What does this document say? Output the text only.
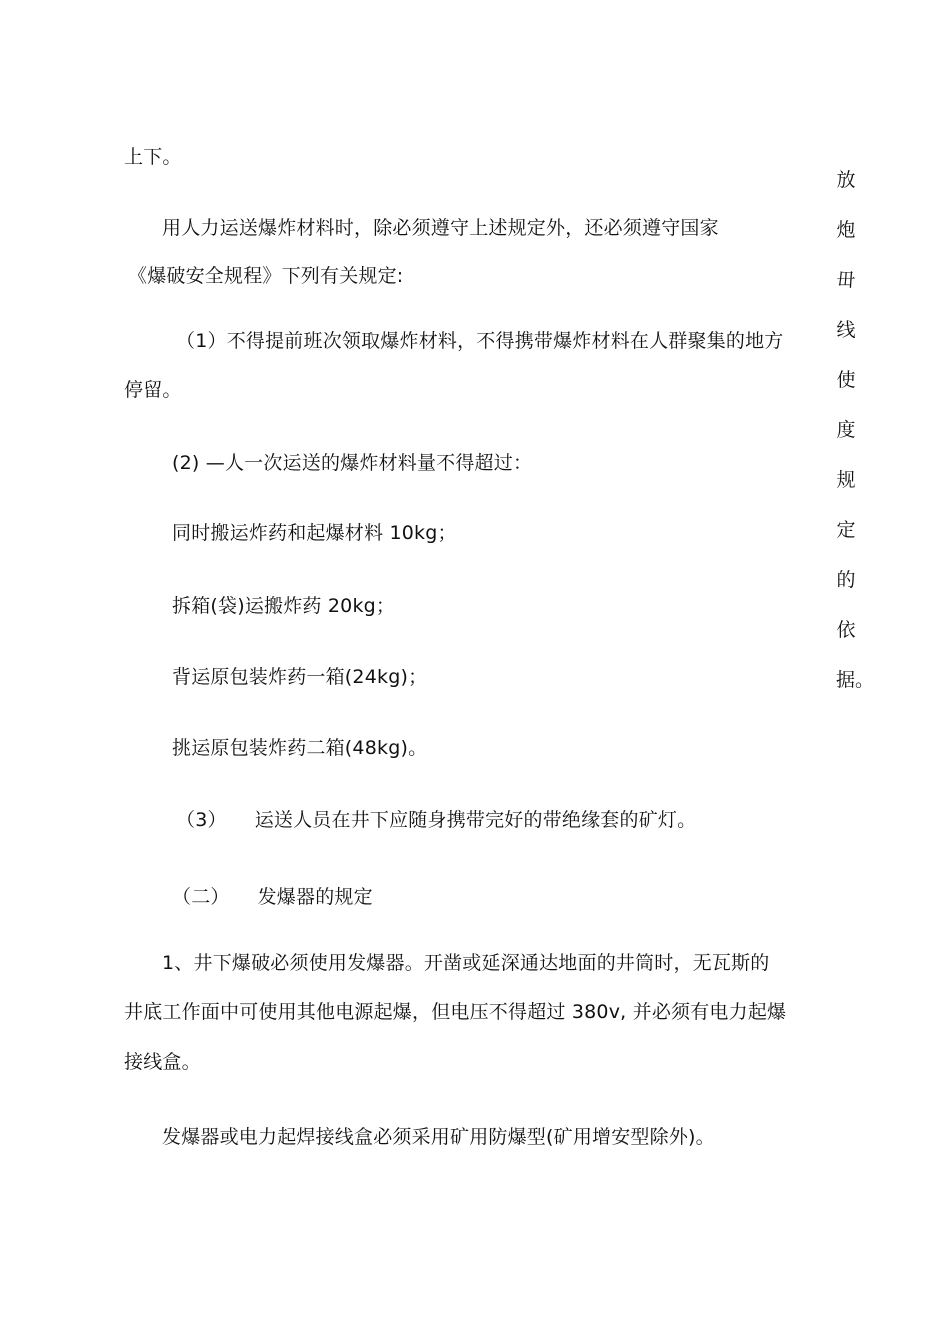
上下。
用人力运送爆炸材料时，除必须遵守上述规定外，还必须遵守国家
《爆破安全规程》下列有关规定:
（1）不得提前班次领取爆炸材料，不得携带爆炸材料在人群聚集的地方
停留。
(2) —人一次运送的爆炸材料量不得超过：
同时搬运炸药和起爆材料 10kg；
拆箱(袋)运搬炸药 20kg；
背运原包装炸药一箱(24kg)；
挑运原包装炸药二箱(48kg)。
（3） 运送人员在井下应随身携带完好的带绝缘套的矿灯。
（二） 发爆器的规定
1、井下爆破必须使用发爆器。开凿或延深通达地面的井筒时，无瓦斯的
井底工作面中可使用其他电源起爆，但电压不得超过 380v, 并必须有电力起爆
接线盒。
发爆器或电力起焊接线盒必须采用矿用防爆型(矿用增安型除外)。
放
炮
毌
线
使
度
规
定
的
依
据。
